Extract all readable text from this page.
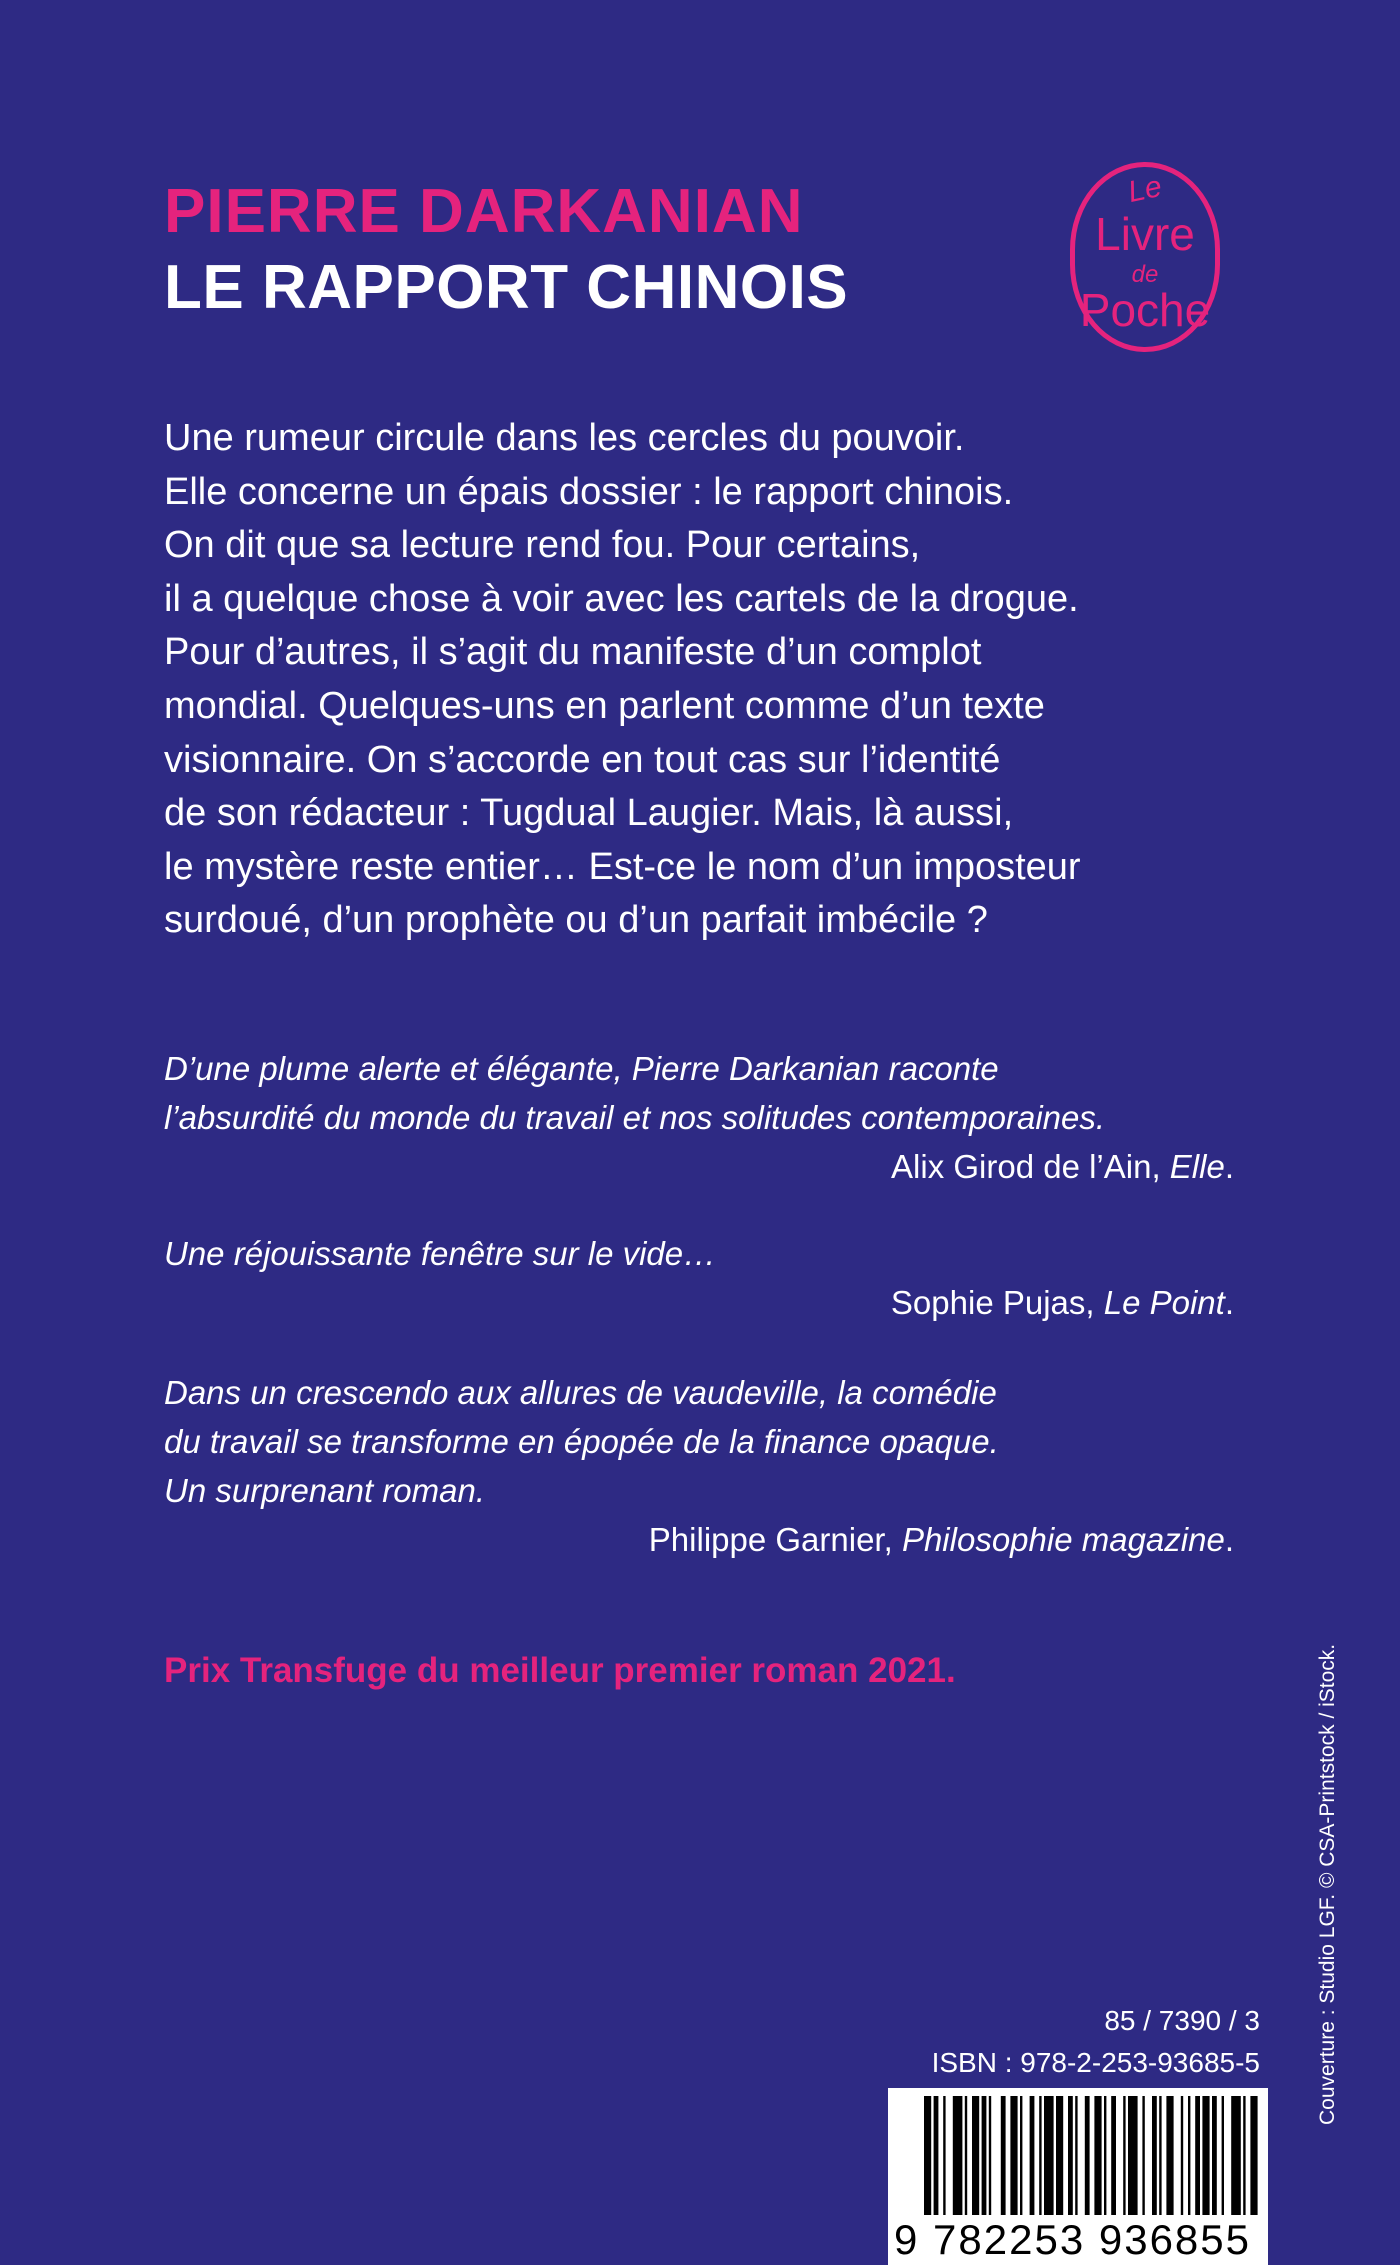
PIERRE DARKANIAN
LE RAPPORT CHINOIS
Le
Livre
de
Poche
Une rumeur circule dans les cercles du pouvoir.
Elle concerne un épais dossier : le rapport chinois.
On dit que sa lecture rend fou. Pour certains,
il a quelque chose à voir avec les cartels de la drogue.
Pour d’autres, il s’agit du manifeste d’un complot
mondial. Quelques-uns en parlent comme d’un texte
visionnaire. On s’accorde en tout cas sur l’identité
de son rédacteur : Tugdual Laugier. Mais, là aussi,
le mystère reste entier… Est-ce le nom d’un imposteur
surdoué, d’un prophète ou d’un parfait imbécile ?
D’une plume alerte et élégante, Pierre Darkanian raconte
l’absurdité du monde du travail et nos solitudes contemporaines.
Alix Girod de l’Ain, Elle.
Une réjouissante fenêtre sur le vide…
Sophie Pujas, Le Point.
Dans un crescendo aux allures de vaudeville, la comédie
du travail se transforme en épopée de la finance opaque.
Un surprenant roman.
Philippe Garnier, Philosophie magazine.

Prix Transfuge du meilleur premier roman 2021.	Couverture : Studio LGF. © CSA-Printstock / iStock.
85 / 7390 / 3
ISBN : 978-2-253-93685-5
9 782253 936855
